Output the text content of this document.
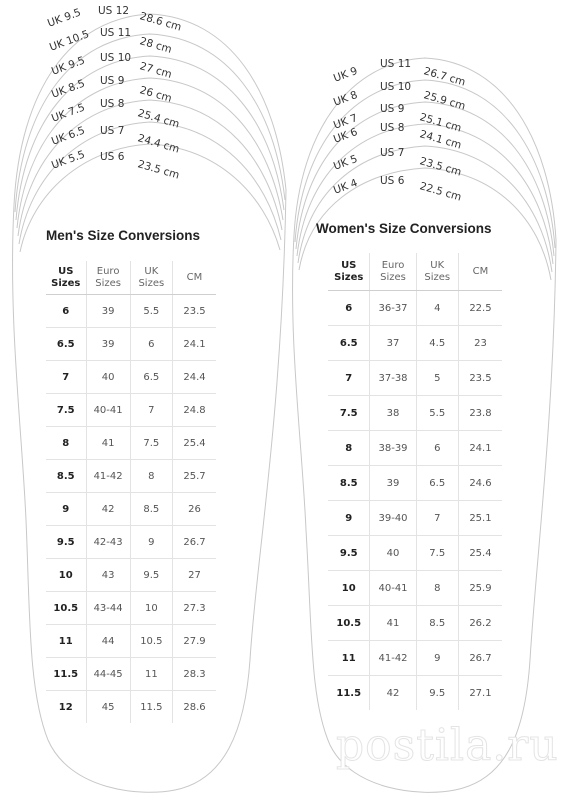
UK 9.5 US 12 28.6 cm
UK 10.5 US 11
28 cm
UK 9.5 US 10
27 cm
UK 8.5 US 9
26 cm
UK 7.5 US 8
25.4 cm
UK 6.5 US 7
24.4 cm
UK 5.5 US 6
23.5 cm
UK 9
US 11
26.7 cm
UK 8
US 10
25.9 cm
UK 7
US 9
25.1 cm
UK 6 US 8
24.1 cm
UK 5 US 7
23.5 cm
UK 4 US 6 22.5 cm
Men's Size Conversions	Women's Size Conversions
US Sizes	Euro Sizes	UK Sizes	CM
6	39	5.5	23.5
6.5	39	6	24.1
7	40	6.5	24.4
7.5	40-41	7	24.8
8	41	7.5	25.4
8.5	41-42	8	25.7
9	42	8.5	26
9.5	42-43	9	26.7
10	43	9.5	27
10.5	43-44	10	27.3
11	44	10.5	27.9
11.5	44-45	11	28.3
12	45	11.5	28.6
US Sizes	Euro Sizes	UK Sizes	CM
6	36-37	4	22.5
6.5	37	4.5	23
7	37-38	5	23.5
7.5	38	5.5	23.8
8	38-39	6	24.1
8.5	39	6.5	24.6
9	39-40	7	25.1
9.5	40	7.5	25.4
10	40-41	8	25.9
10.5	41	8.5	26.2
11	41-42	9	26.7
11.5	42	9.5	27.1
postila.ru
